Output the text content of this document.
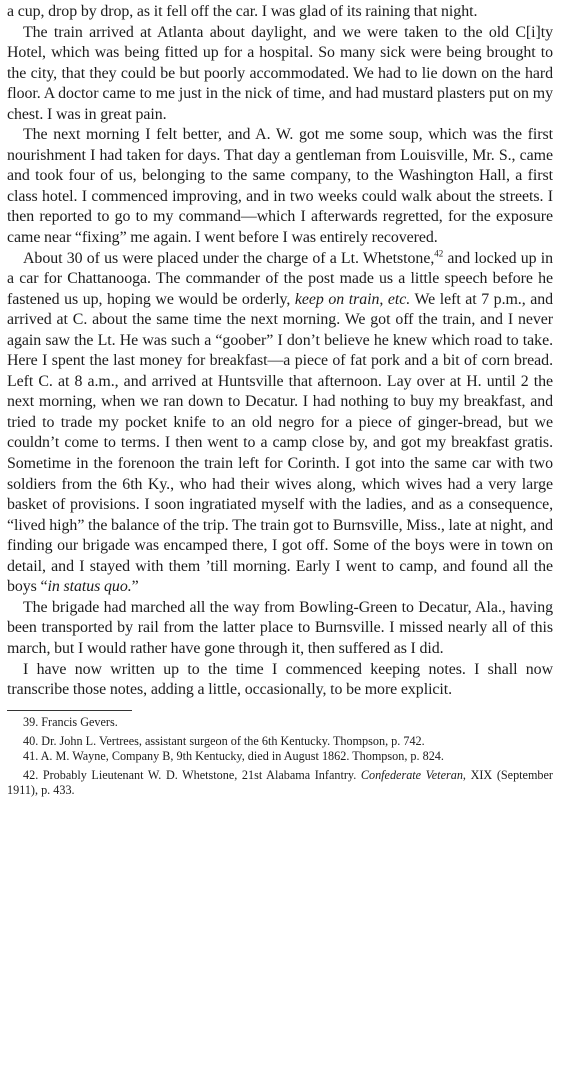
a cup, drop by drop, as it fell off the car. I was glad of its raining that night.

The train arrived at Atlanta about daylight, and we were taken to the old C[i]ty Hotel, which was being fitted up for a hospital. So many sick were being brought to the city, that they could be but poorly accommodated. We had to lie down on the hard floor. A doctor came to me just in the nick of time, and had mustard plasters put on my chest. I was in great pain.

The next morning I felt better, and A. W. got me some soup, which was the first nourishment I had taken for days. That day a gentleman from Louisville, Mr. S., came and took four of us, belonging to the same company, to the Washington Hall, a first class hotel. I commenced improving, and in two weeks could walk about the streets. I then reported to go to my command—which I afterwards regretted, for the exposure came near “fixing” me again. I went before I was entirely recovered.

About 30 of us were placed under the charge of a Lt. Whetstone,$^{42}$ and locked up in a car for Chattanooga. The commander of the post made us a little speech before he fastened us up, hoping we would be orderly, keep on train, etc. We left at 7 p.m., and arrived at C. about the same time the next morning. We got off the train, and I never again saw the Lt. He was such a “goober” I don’t believe he knew which road to take. Here I spent the last money for breakfast—a piece of fat pork and a bit of corn bread. Left C. at 8 a.m., and arrived at Huntsville that afternoon. Lay over at H. until 2 the next morning, when we ran down to Decatur. I had nothing to buy my breakfast, and tried to trade my pocket knife to an old negro for a piece of ginger-bread, but we couldn’t come to terms. I then went to a camp close by, and got my breakfast gratis. Sometime in the forenoon the train left for Corinth. I got into the same car with two soldiers from the 6th Ky., who had their wives along, which wives had a very large basket of provisions. I soon ingratiated myself with the ladies, and as a consequence, “lived high” the balance of the trip. The train got to Burnsville, Miss., late at night, and finding our brigade was encamped there, I got off. Some of the boys were in town on detail, and I stayed with them ’till morning. Early I went to camp, and found all the boys “in status quo.”

The brigade had marched all the way from Bowling-Green to Decatur, Ala., having been transported by rail from the latter place to Burnsville. I missed nearly all of this march, but I would rather have gone through it, then suffered as I did.

I have now written up to the time I commenced keeping notes. I shall now transcribe those notes, adding a little, occasionally, to be more explicit.

39. Francis Gevers.

40. Dr. John L. Vertrees, assistant surgeon of the 6th Kentucky. Thompson, p. 742.

41. A. M. Wayne, Company B, 9th Kentucky, died in August 1862. Thompson, p. 824.

42. Probably Lieutenant W. D. Whetstone, 21st Alabama Infantry. Confederate Veteran, XIX (September 1911), p. 433.
